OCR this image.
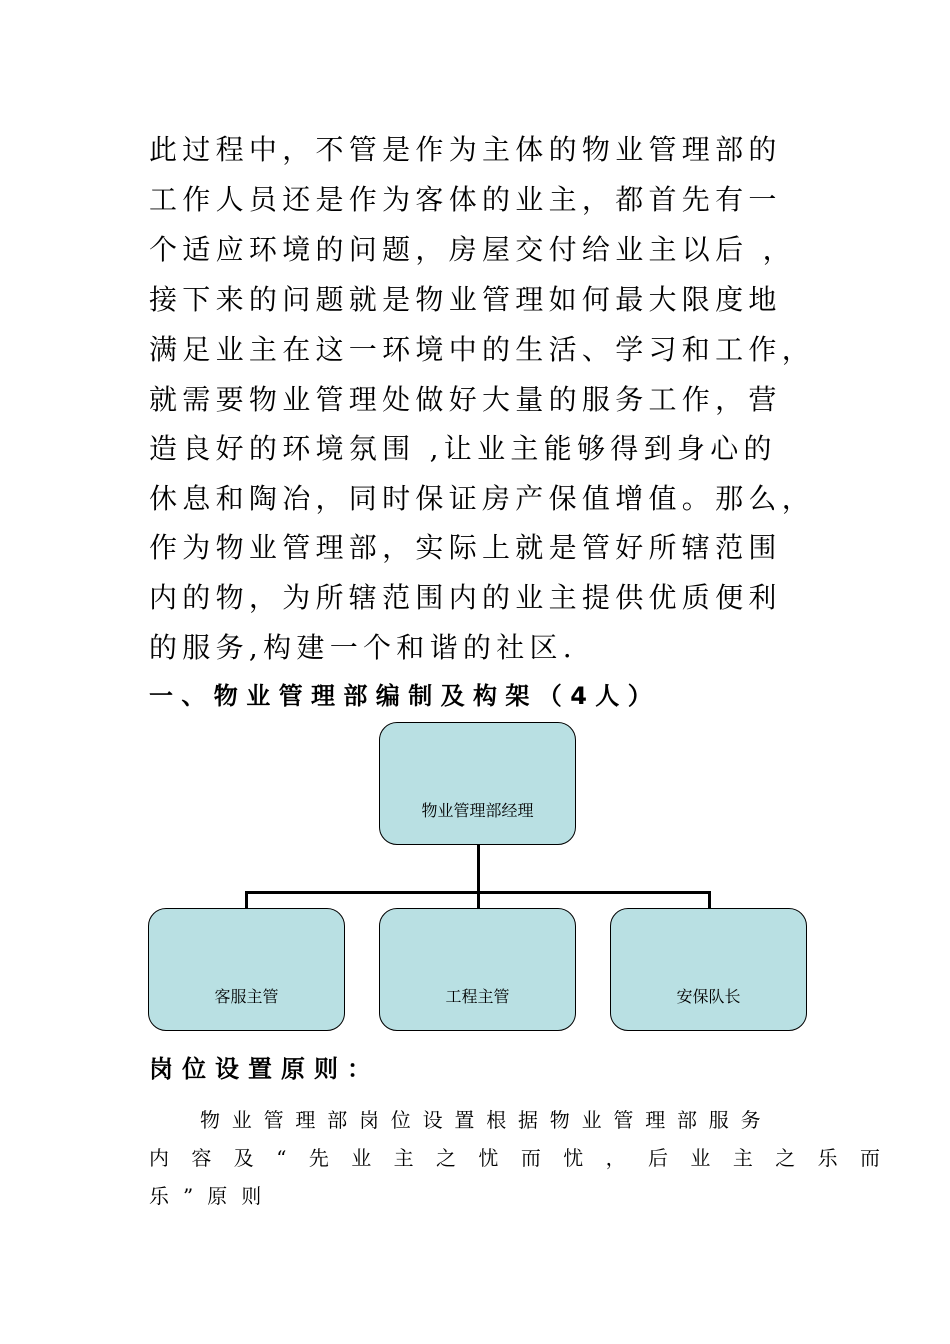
此过程中，不管是作为主体的物业管理部的
工作人员还是作为客体的业主，都首先有一
个适应环境的问题，房屋交付给业主以后 ，
接下来的问题就是物业管理如何最大限度地
满足业主在这一环境中的生活、学习和工作，
就需要物业管理处做好大量的服务工作，营
造良好的环境氛围 ,让业主能够得到身心的
休息和陶冶，同时保证房产保值增值。那么，
作为物业管理部，实际上就是管好所辖范围
内的物，为所辖范围内的业主提供优质便利
的服务,构建一个和谐的社区.
一、物业管理部编制及构架（4人）
物业管理部经理
客服主管	工程主管	安保队长
岗位设置原则：
物业管理部岗位设置根据物业管理部服务
内容及“先业主之忧而忧，后业主之乐而
乐”原则
